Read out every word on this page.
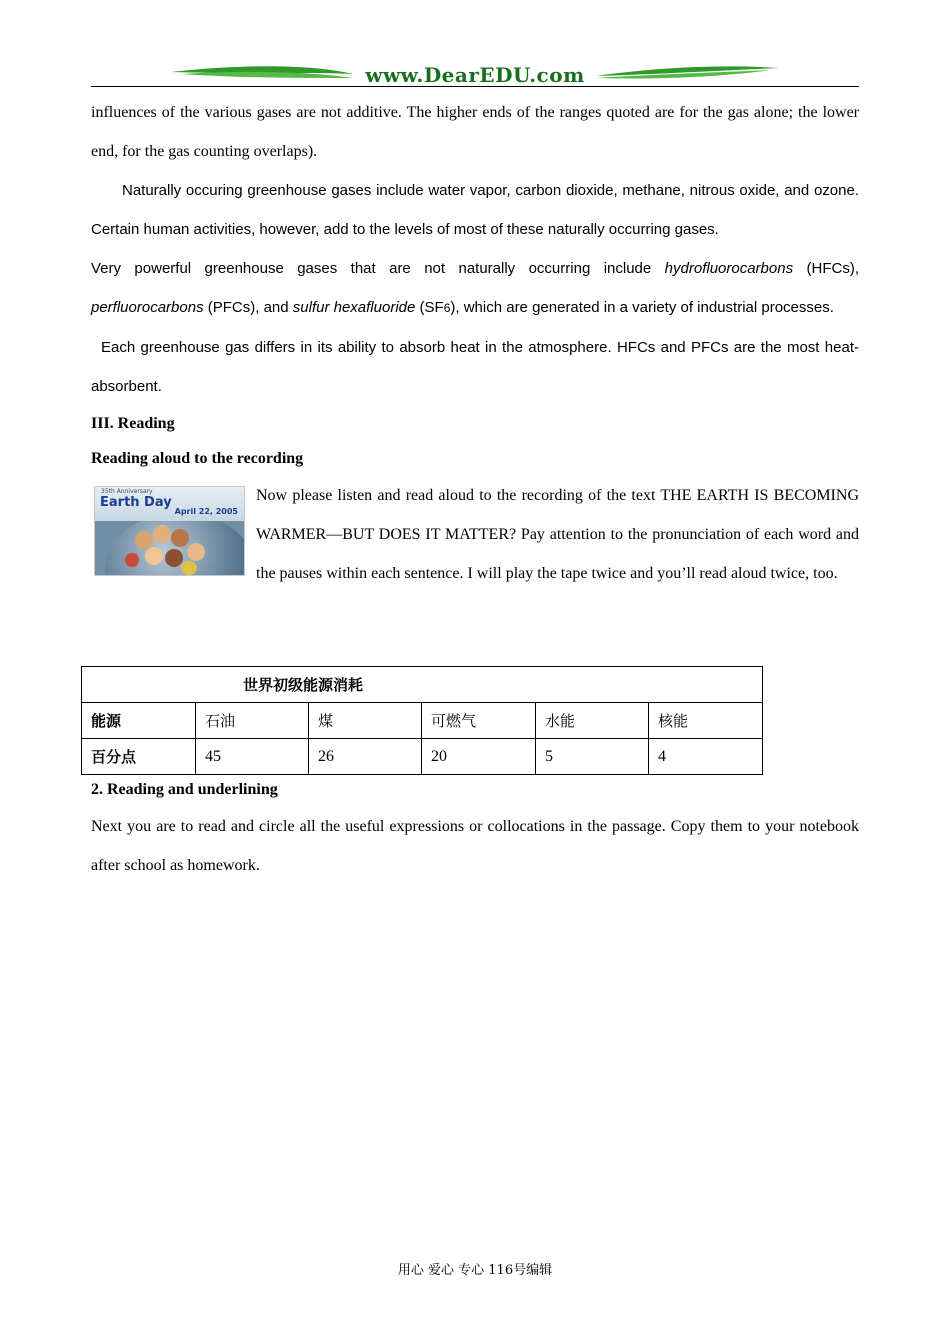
www.DearEDU.com

influences of the various gases are not additive. The higher ends of the ranges quoted are for the gas alone; the lower end, for the gas counting overlaps).

Naturally occuring greenhouse gases include water vapor, carbon dioxide, methane, nitrous oxide, and ozone. Certain human activities, however, add to the levels of most of these naturally occurring gases.

Very powerful greenhouse gases that are not naturally occurring include hydrofluorocarbons (HFCs), perfluorocarbons (PFCs), and sulfur hexafluoride (SF6), which are generated in a variety of industrial processes.

Each greenhouse gas differs in its ability to absorb heat in the atmosphere. HFCs and PFCs are the most heat-absorbent.

III. Reading

Reading aloud to the recording

35th Anniversary
Earth Day
April 22, 2005

Now please listen and read aloud to the recording of the text THE EARTH IS BECOMING WARMER—BUT DOES IT MATTER? Pay attention to the pronunciation of each word and the pauses within each sentence. I will play the tape twice and you’ll read aloud twice, too.

世界初级能源消耗					
能源	石油	煤	可燃气	水能	核能
百分点	45	26	20	5	4

2. Reading and underlining

Next you are to read and circle all the useful expressions or collocations in the passage. Copy them to your notebook after school as homework.

用心 爱心 专心 116号编辑
